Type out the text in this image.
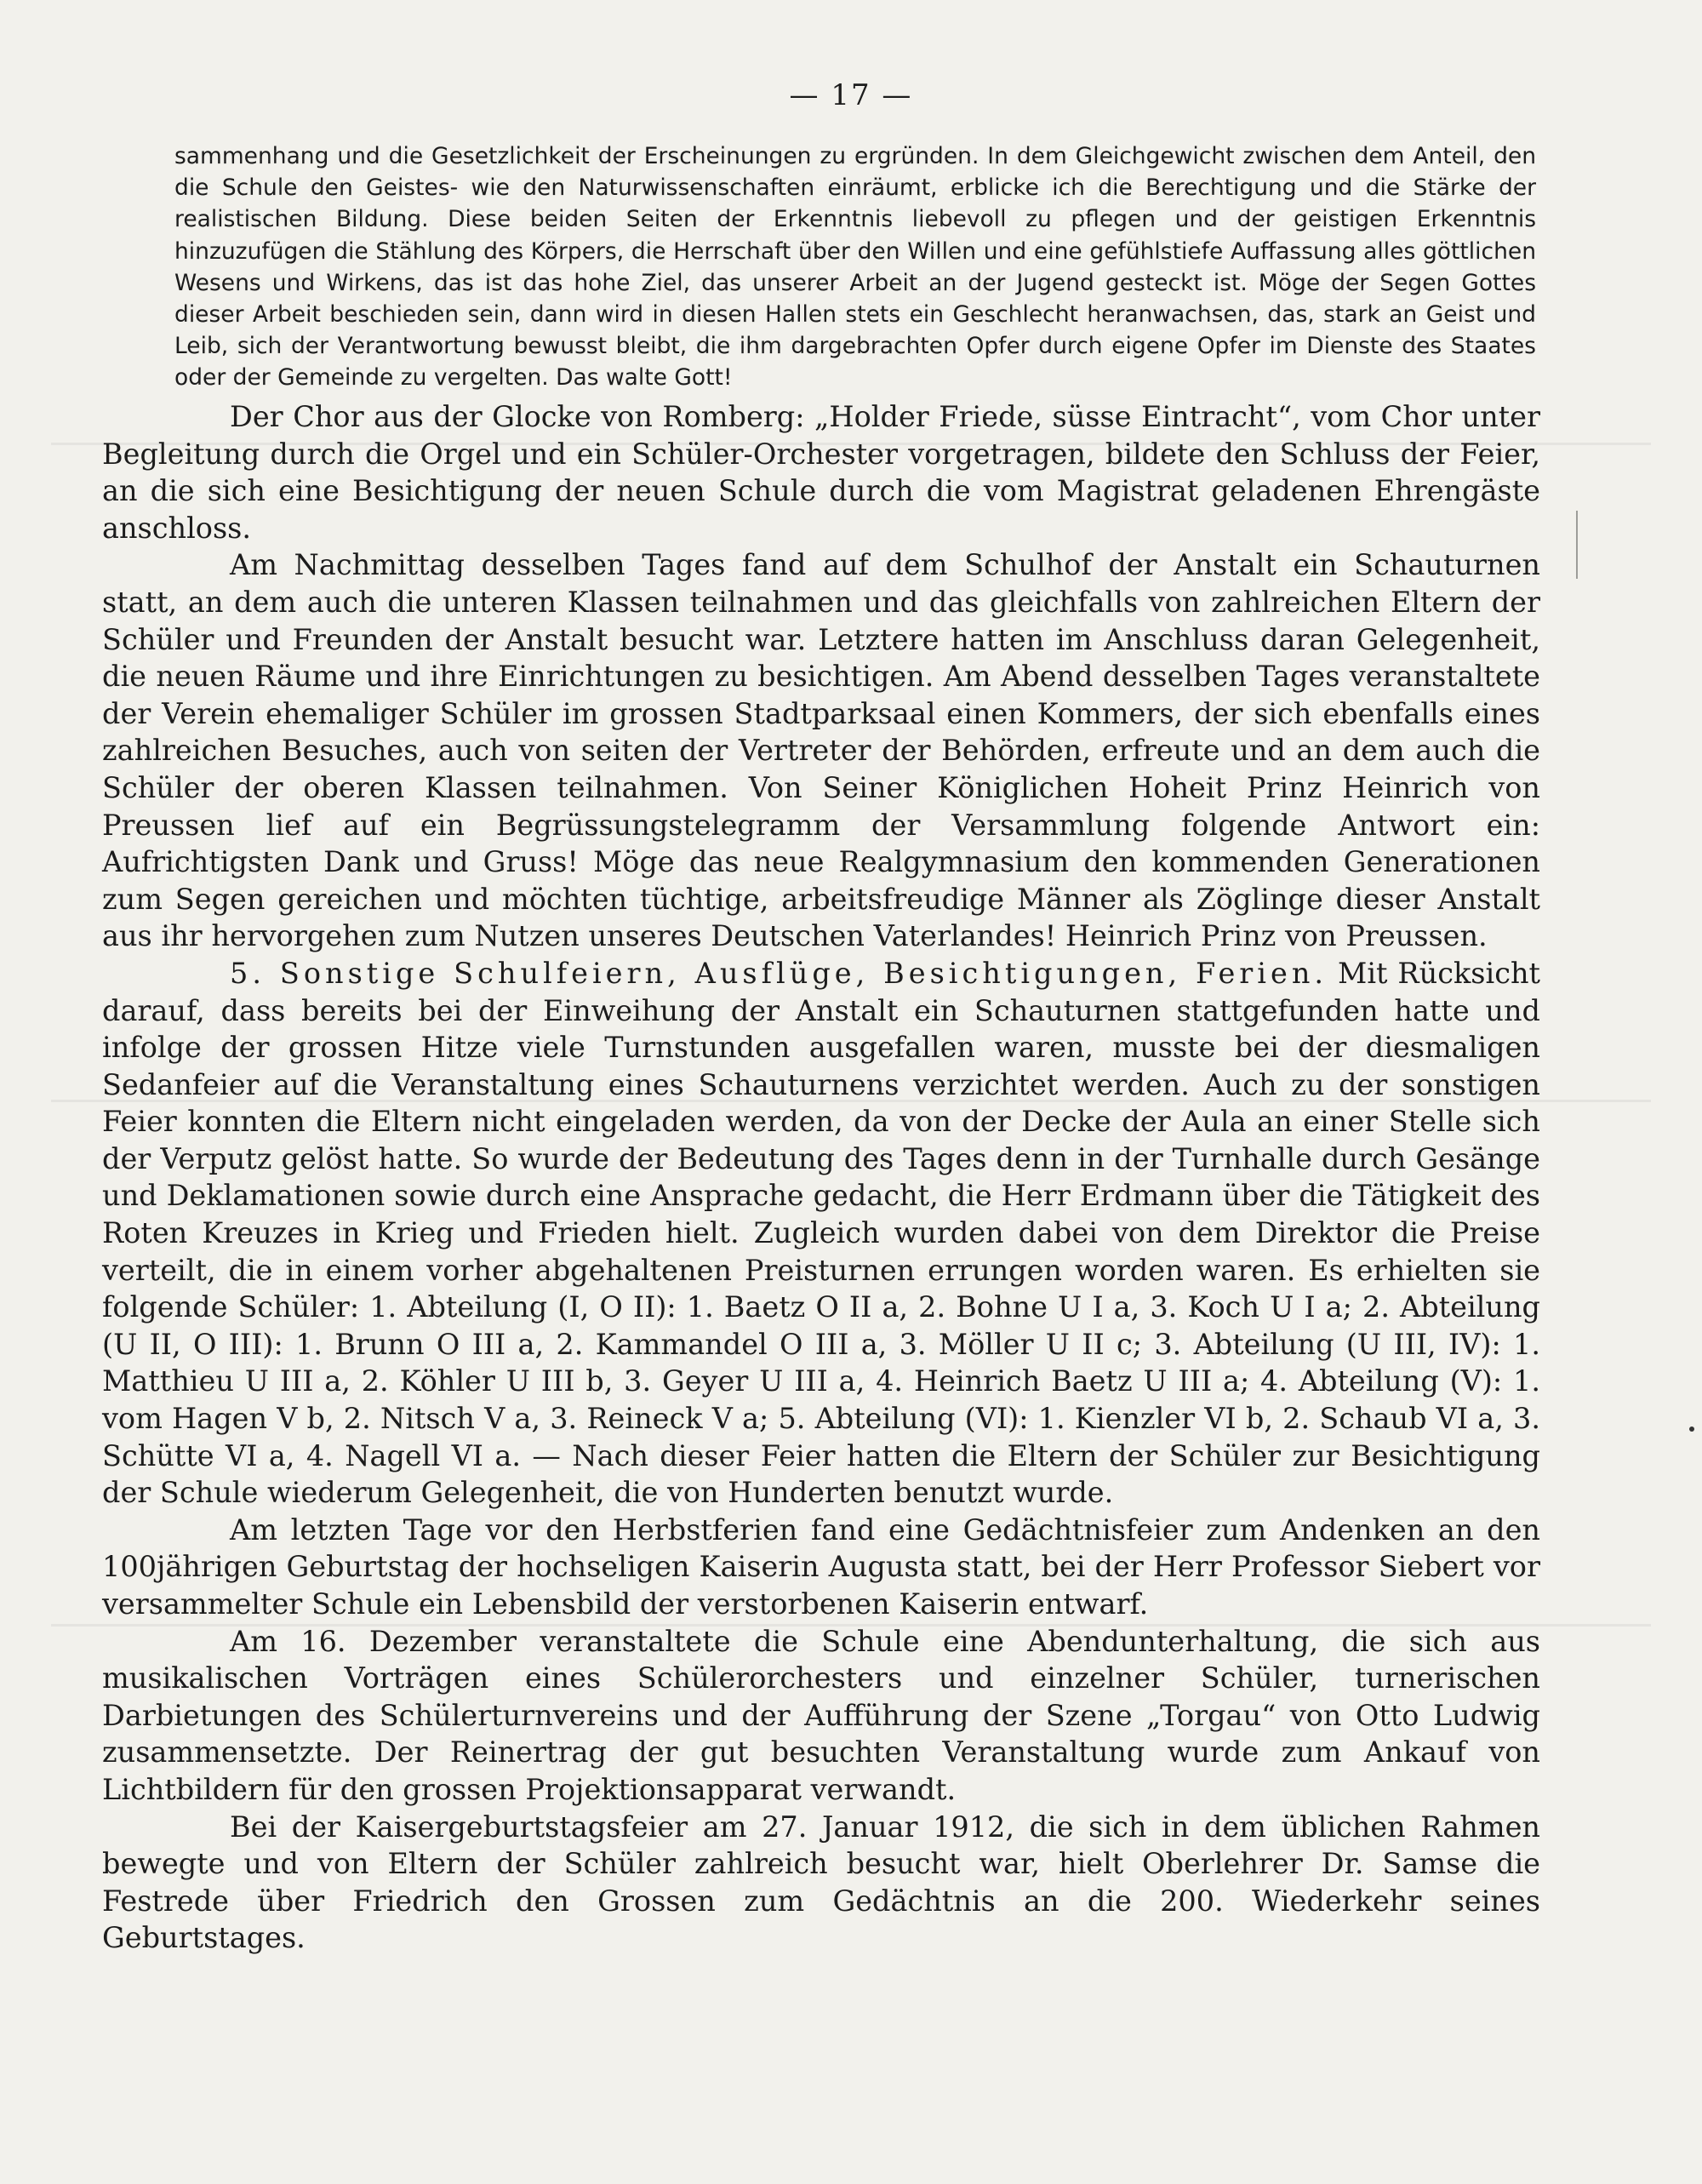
— 17 —

sammenhang und die Gesetzlichkeit der Erscheinungen zu ergründen. In dem Gleichgewicht zwischen dem Anteil, den die Schule den Geistes- wie den Naturwissenschaften einräumt, erblicke ich die Berechtigung und die Stärke der realistischen Bildung. Diese beiden Seiten der Erkenntnis liebevoll zu pflegen und der geistigen Erkenntnis hinzuzufügen die Stählung des Körpers, die Herrschaft über den Willen und eine gefühlstiefe Auffassung alles göttlichen Wesens und Wirkens, das ist das hohe Ziel, das unserer Arbeit an der Jugend gesteckt ist. Möge der Segen Gottes dieser Arbeit beschieden sein, dann wird in diesen Hallen stets ein Geschlecht heranwachsen, das, stark an Geist und Leib, sich der Verantwortung bewusst bleibt, die ihm dargebrachten Opfer durch eigene Opfer im Dienste des Staates oder der Gemeinde zu vergelten. Das walte Gott!

Der Chor aus der Glocke von Romberg: „Holder Friede, süsse Eintracht“, vom Chor unter Begleitung durch die Orgel und ein Schüler-Orchester vorgetragen, bildete den Schluss der Feier, an die sich eine Besichtigung der neuen Schule durch die vom Magistrat geladenen Ehrengäste anschloss.

Am Nachmittag desselben Tages fand auf dem Schulhof der Anstalt ein Schauturnen statt, an dem auch die unteren Klassen teilnahmen und das gleichfalls von zahlreichen Eltern der Schüler und Freunden der Anstalt besucht war. Letztere hatten im Anschluss daran Gelegenheit, die neuen Räume und ihre Einrichtungen zu besichtigen. Am Abend desselben Tages veranstaltete der Verein ehemaliger Schüler im grossen Stadtparksaal einen Kommers, der sich ebenfalls eines zahlreichen Besuches, auch von seiten der Vertreter der Behörden, erfreute und an dem auch die Schüler der oberen Klassen teilnahmen. Von Seiner Königlichen Hoheit Prinz Heinrich von Preussen lief auf ein Begrüssungstelegramm der Versammlung folgende Antwort ein: Aufrichtigsten Dank und Gruss! Möge das neue Realgymnasium den kommenden Generationen zum Segen gereichen und möchten tüchtige, arbeitsfreudige Männer als Zöglinge dieser Anstalt aus ihr hervorgehen zum Nutzen unseres Deutschen Vaterlandes! Heinrich Prinz von Preussen.

5. Sonstige Schulfeiern, Ausflüge, Besichtigungen, Ferien. Mit Rücksicht darauf, dass bereits bei der Einweihung der Anstalt ein Schauturnen stattgefunden hatte und infolge der grossen Hitze viele Turnstunden ausgefallen waren, musste bei der diesmaligen Sedanfeier auf die Veranstaltung eines Schauturnens verzichtet werden. Auch zu der sonstigen Feier konnten die Eltern nicht eingeladen werden, da von der Decke der Aula an einer Stelle sich der Verputz gelöst hatte. So wurde der Bedeutung des Tages denn in der Turnhalle durch Gesänge und Deklamationen sowie durch eine Ansprache gedacht, die Herr Erdmann über die Tätigkeit des Roten Kreuzes in Krieg und Frieden hielt. Zugleich wurden dabei von dem Direktor die Preise verteilt, die in einem vorher abgehaltenen Preisturnen errungen worden waren. Es erhielten sie folgende Schüler: 1. Abteilung (I, O II): 1. Baetz O II a, 2. Bohne U I a, 3. Koch U I a; 2. Abteilung (U II, O III): 1. Brunn O III a, 2. Kammandel O III a, 3. Möller U II c; 3. Abteilung (U III, IV): 1. Matthieu U III a, 2. Köhler U III b, 3. Geyer U III a, 4. Heinrich Baetz U III a; 4. Abteilung (V): 1. vom Hagen V b, 2. Nitsch V a, 3. Reineck V a; 5. Abteilung (VI): 1. Kienzler VI b, 2. Schaub VI a, 3. Schütte VI a, 4. Nagell VI a. — Nach dieser Feier hatten die Eltern der Schüler zur Besichtigung der Schule wiederum Gelegenheit, die von Hunderten benutzt wurde.

Am letzten Tage vor den Herbstferien fand eine Gedächtnisfeier zum Andenken an den 100jährigen Geburtstag der hochseligen Kaiserin Augusta statt, bei der Herr Professor Siebert vor versammelter Schule ein Lebensbild der verstorbenen Kaiserin entwarf.

Am 16. Dezember veranstaltete die Schule eine Abendunterhaltung, die sich aus musikalischen Vorträgen eines Schülerorchesters und einzelner Schüler, turnerischen Darbietungen des Schülerturnvereins und der Aufführung der Szene „Torgau“ von Otto Ludwig zusammensetzte. Der Reinertrag der gut besuchten Veranstaltung wurde zum Ankauf von Lichtbildern für den grossen Projektionsapparat verwandt.

Bei der Kaisergeburtstagsfeier am 27. Januar 1912, die sich in dem üblichen Rahmen bewegte und von Eltern der Schüler zahlreich besucht war, hielt Oberlehrer Dr. Samse die Festrede über Friedrich den Grossen zum Gedächtnis an die 200. Wiederkehr seines Geburtstages.
